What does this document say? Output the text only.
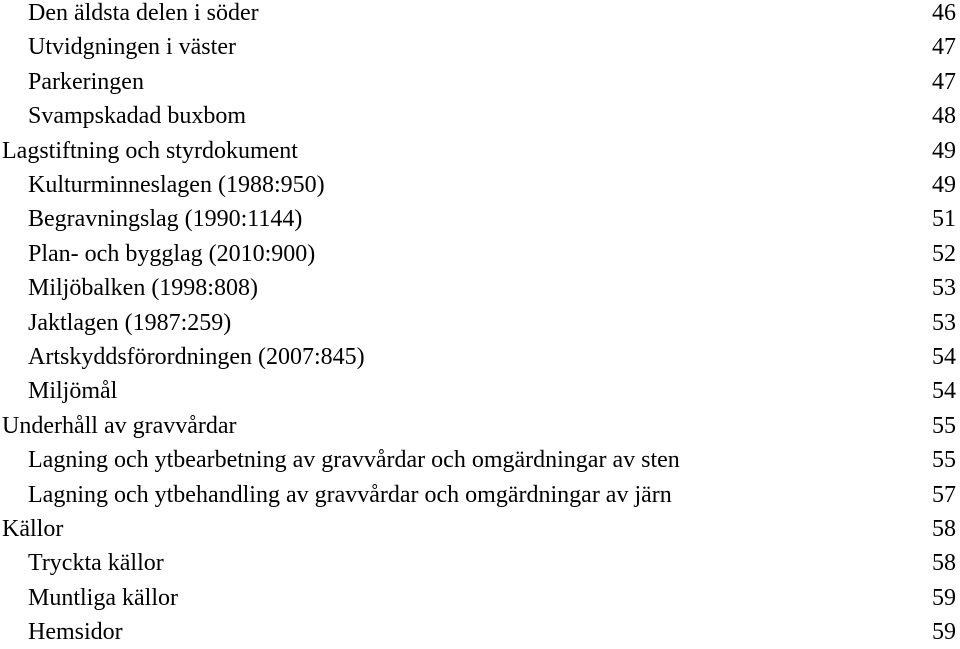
Den äldsta delen i söder	46
Utvidgningen i väster	47
Parkeringen	47
Svampskadad buxbom	48
Lagstiftning och styrdokument	49
Kulturminneslagen (1988:950)	49
Begravningslag (1990:1144)	51
Plan- och bygglag (2010:900)	52
Miljöbalken (1998:808)	53
Jaktlagen (1987:259)	53
Artskyddsförordningen (2007:845)	54
Miljömål	54
Underhåll av gravvårdar	55
Lagning och ytbearbetning av gravvårdar och omgärdningar av sten	55
Lagning och ytbehandling av gravvårdar och omgärdningar av järn	57
Källor	58
Tryckta källor	58
Muntliga källor	59
Hemsidor	59
